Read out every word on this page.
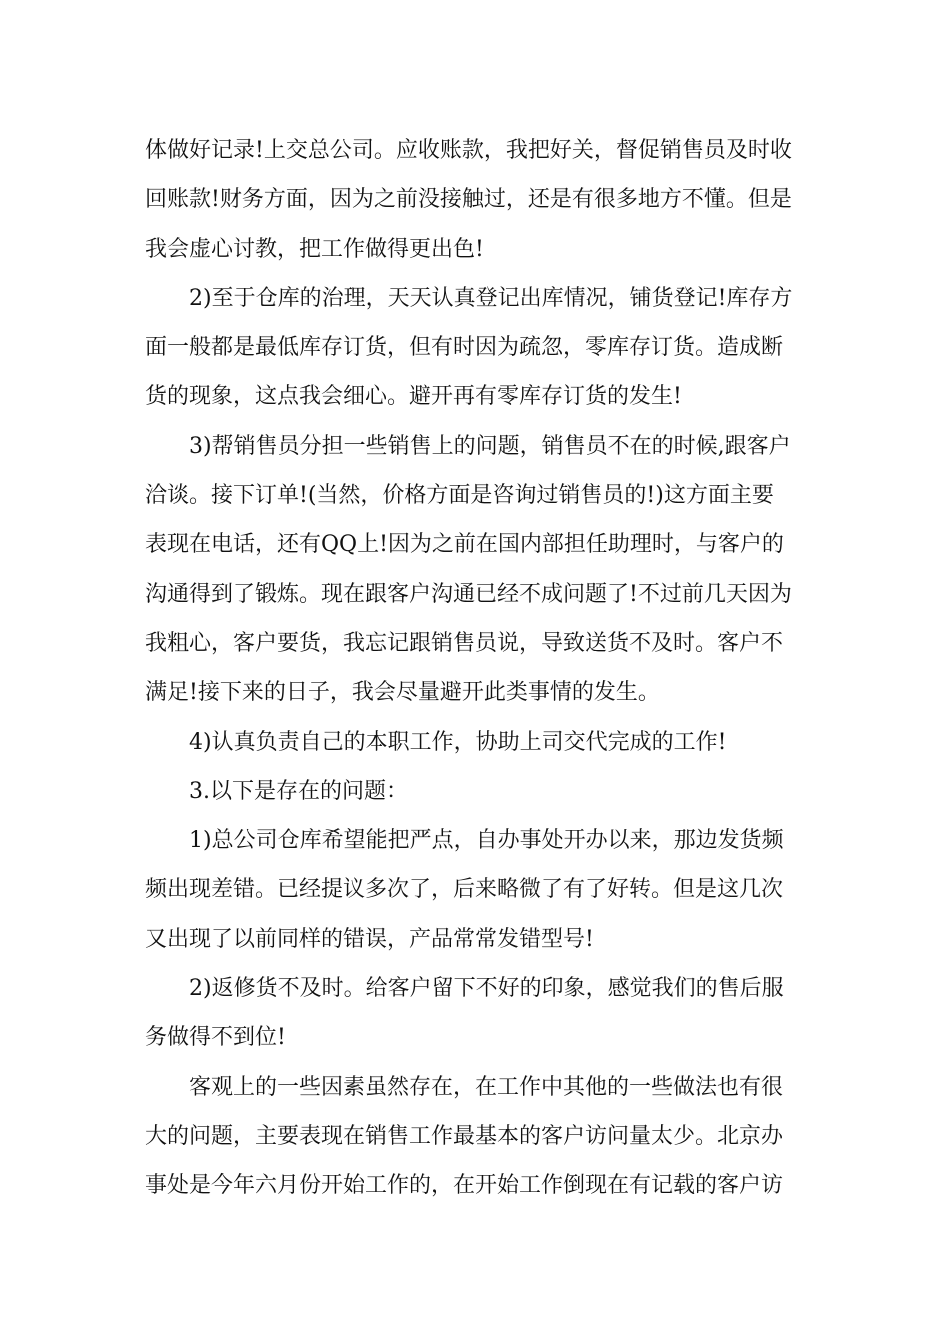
体做好记录!上交总公司。应收账款，我把好关，督促销售员及时收
回账款!财务方面，因为之前没接触过，还是有很多地方不懂。但是
我会虚心讨教，把工作做得更出色!
2)至于仓库的治理，天天认真登记出库情况，铺货登记!库存方
面一般都是最低库存订货，但有时因为疏忽，零库存订货。造成断
货的现象，这点我会细心。避开再有零库存订货的发生!
3)帮销售员分担一些销售上的问题，销售员不在的时候,跟客户
洽谈。接下订单!(当然，价格方面是咨询过销售员的!)这方面主要
表现在电话，还有QQ上!因为之前在国内部担任助理时，与客户的
沟通得到了锻炼。现在跟客户沟通已经不成问题了!不过前几天因为
我粗心，客户要货，我忘记跟销售员说，导致送货不及时。客户不
满足!接下来的日子，我会尽量避开此类事情的发生。
4)认真负责自己的本职工作，协助上司交代完成的工作!
3.以下是存在的问题：
1)总公司仓库希望能把严点，自办事处开办以来，那边发货频
频出现差错。已经提议多次了，后来略微了有了好转。但是这几次
又出现了以前同样的错误，产品常常发错型号!
2)返修货不及时。给客户留下不好的印象，感觉我们的售后服
务做得不到位!
客观上的一些因素虽然存在，在工作中其他的一些做法也有很
大的问题，主要表现在销售工作最基本的客户访问量太少。北京办
事处是今年六月份开始工作的，在开始工作倒现在有记载的客户访
